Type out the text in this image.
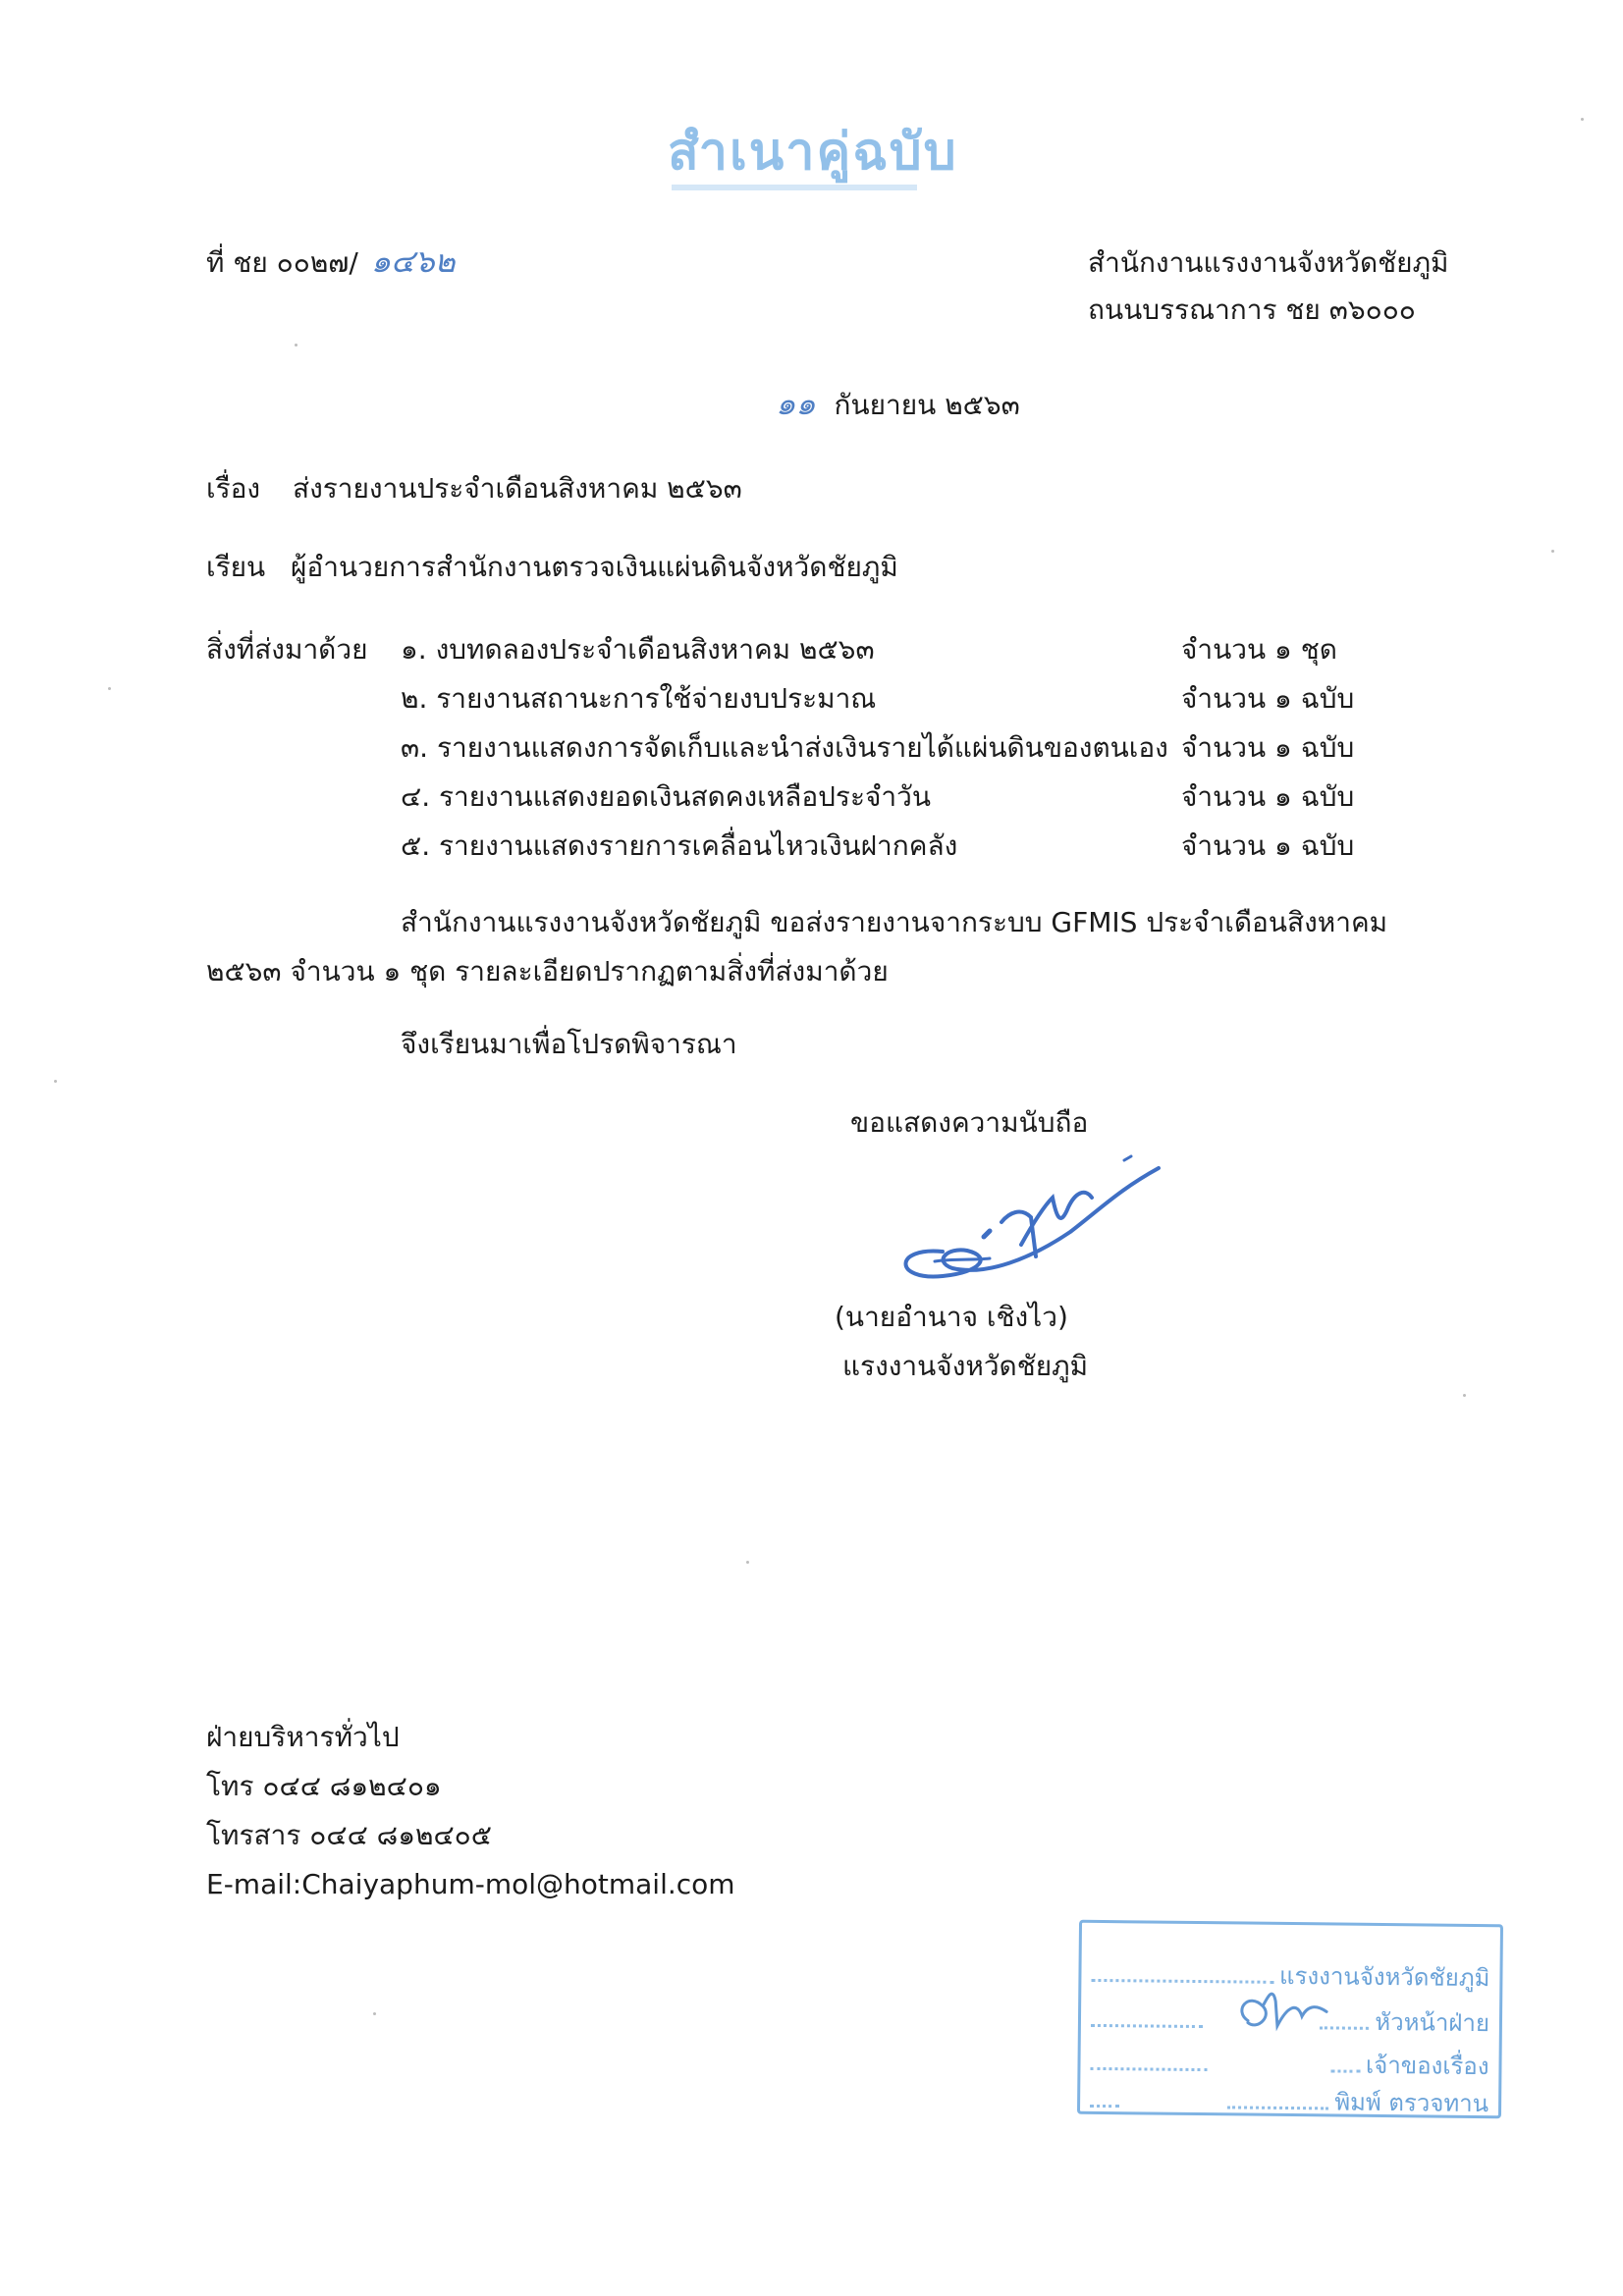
สำเนาคู่ฉบับ
ที่ ชย ๐๐๒๗/ ๑๔๖๒	สำนักงานแรงงานจังหวัดชัยภูมิ
ถนนบรรณาการ ชย ๓๖๐๐๐
๑๑ กันยายน ๒๕๖๓
เรื่อง ส่งรายงานประจำเดือนสิงหาคม ๒๕๖๓
เรียน ผู้อำนวยการสำนักงานตรวจเงินแผ่นดินจังหวัดชัยภูมิ
สิ่งที่ส่งมาด้วย ๑. งบทดลองประจำเดือนสิงหาคม ๒๕๖๓	จำนวน ๑ ชุด
๒. รายงานสถานะการใช้จ่ายงบประมาณ	จำนวน ๑ ฉบับ
๓. รายงานแสดงการจัดเก็บและนำส่งเงินรายได้แผ่นดินของตนเอง จำนวน ๑ ฉบับ
๔. รายงานแสดงยอดเงินสดคงเหลือประจำวัน	จำนวน ๑ ฉบับ
๕. รายงานแสดงรายการเคลื่อนไหวเงินฝากคลัง	จำนวน ๑ ฉบับ
สำนักงานแรงงานจังหวัดชัยภูมิ ขอส่งรายงานจากระบบ GFMIS ประจำเดือนสิงหาคม
๒๕๖๓ จำนวน ๑ ชุด รายละเอียดปรากฏตามสิ่งที่ส่งมาด้วย
จึงเรียนมาเพื่อโปรดพิจารณา
ขอแสดงความนับถือ
(นายอำนาจ เชิงไว)
แรงงานจังหวัดชัยภูมิ
ฝ่ายบริหารทั่วไป
โทร ๐๔๔ ๘๑๒๔๐๑
โทรสาร ๐๔๔ ๘๑๒๔๐๕
E-mail:Chaiyaphum-mol@hotmail.com
แรงงานจังหวัดชัยภูมิ
หัวหน้าฝ่าย
เจ้าของเรื่อง
พิมพ์ ตรวจทาน
